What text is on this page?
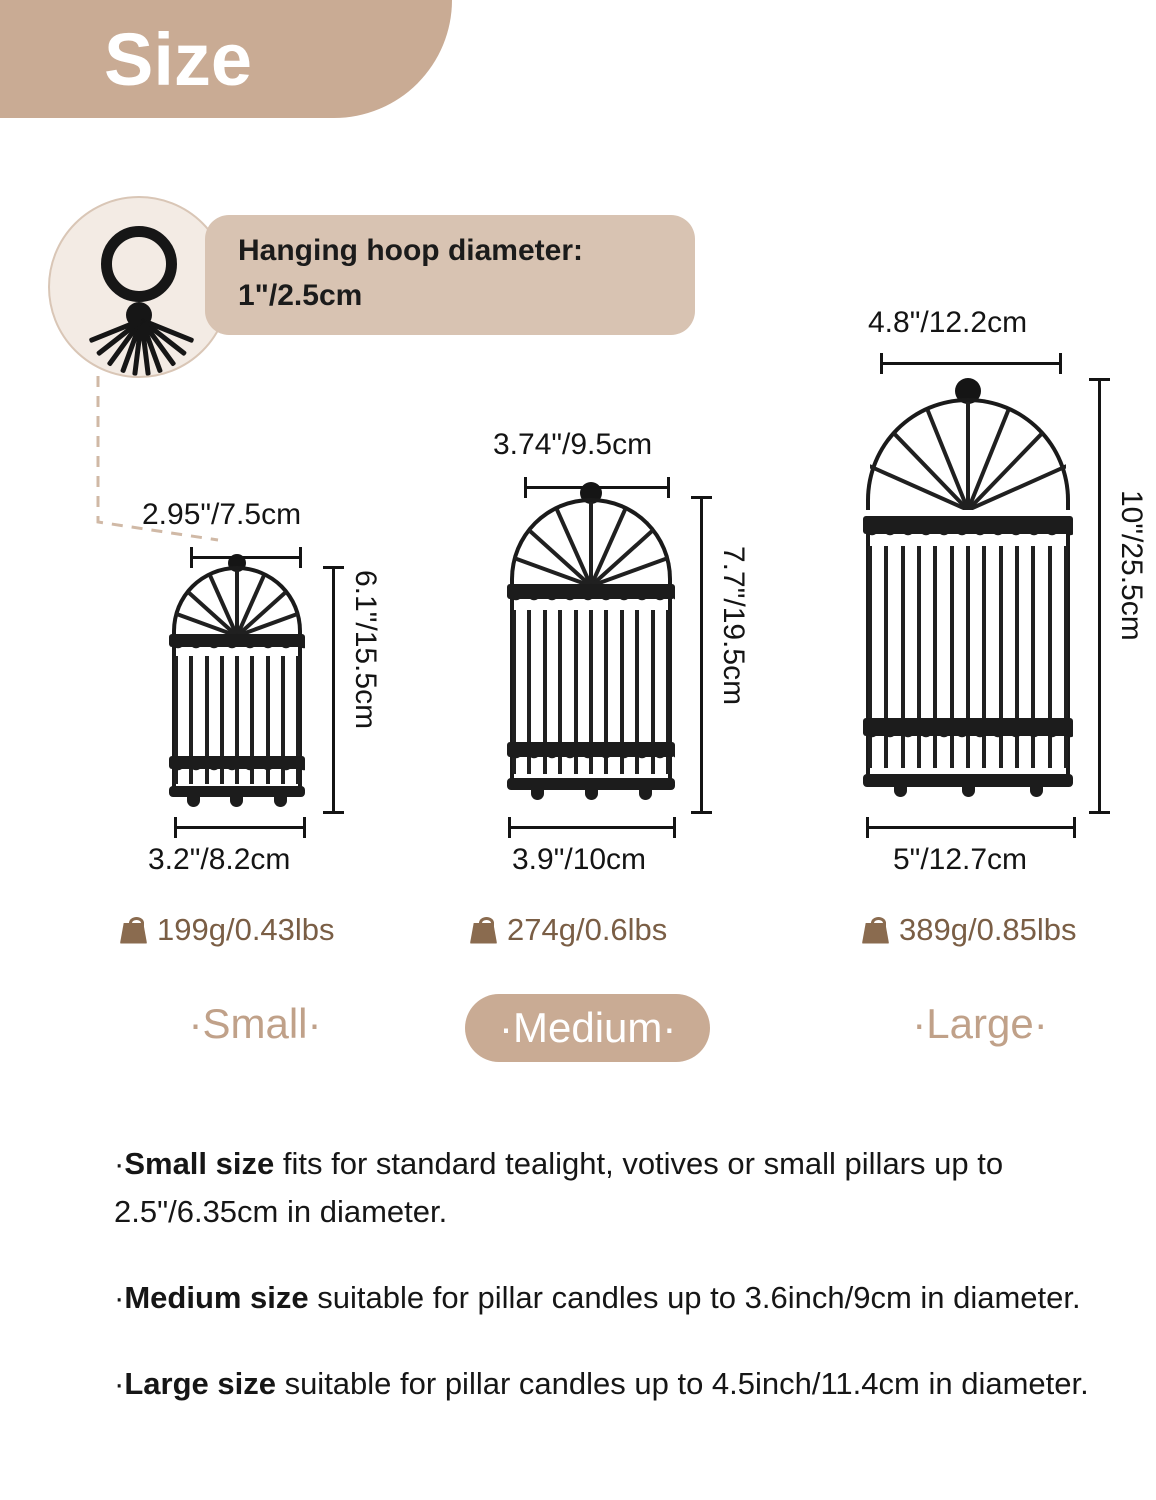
Size
Hanging hoop diameter: 1"/2.5cm
2.95"/7.5cm
6.1"/15.5cm
3.2"/8.2cm
199g/0.43lbs
·Small·
3.74"/9.5cm
7.7"/19.5cm
3.9"/10cm
274g/0.6lbs
·Medium·
4.8"/12.2cm
10"/25.5cm
5"/12.7cm
389g/0.85lbs
·Large·
·Small size fits for standard tealight, votives or small pillars up to 2.5"/6.35cm in diameter.
·Medium size suitable for pillar candles up to 3.6inch/9cm in diameter.
·Large size suitable for pillar candles up to 4.5inch/11.4cm in diameter.
